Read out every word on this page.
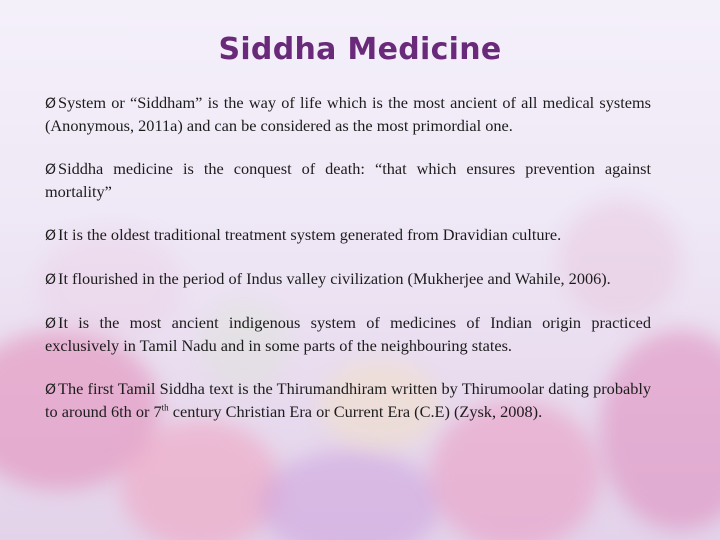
Siddha Medicine

Ø System or “Siddham” is the way of life which is the most ancient of all medical systems (Anonymous, 2011a) and can be considered as the most primordial one.

Ø Siddha medicine is the conquest of death: “that which ensures prevention against mortality”

Ø It is the oldest traditional treatment system generated from Dravidian culture.

Ø It flourished in the period of Indus valley civilization (Mukherjee and Wahile, 2006).

Ø It is the most ancient indigenous system of medicines of Indian origin practiced exclusively in Tamil Nadu and in some parts of the neighbouring states.

Ø The first Tamil Siddha text is the Thirumandhiram written by Thirumoolar dating probably to around 6th or 7th century Christian Era or Current Era (C.E) (Zysk, 2008).
